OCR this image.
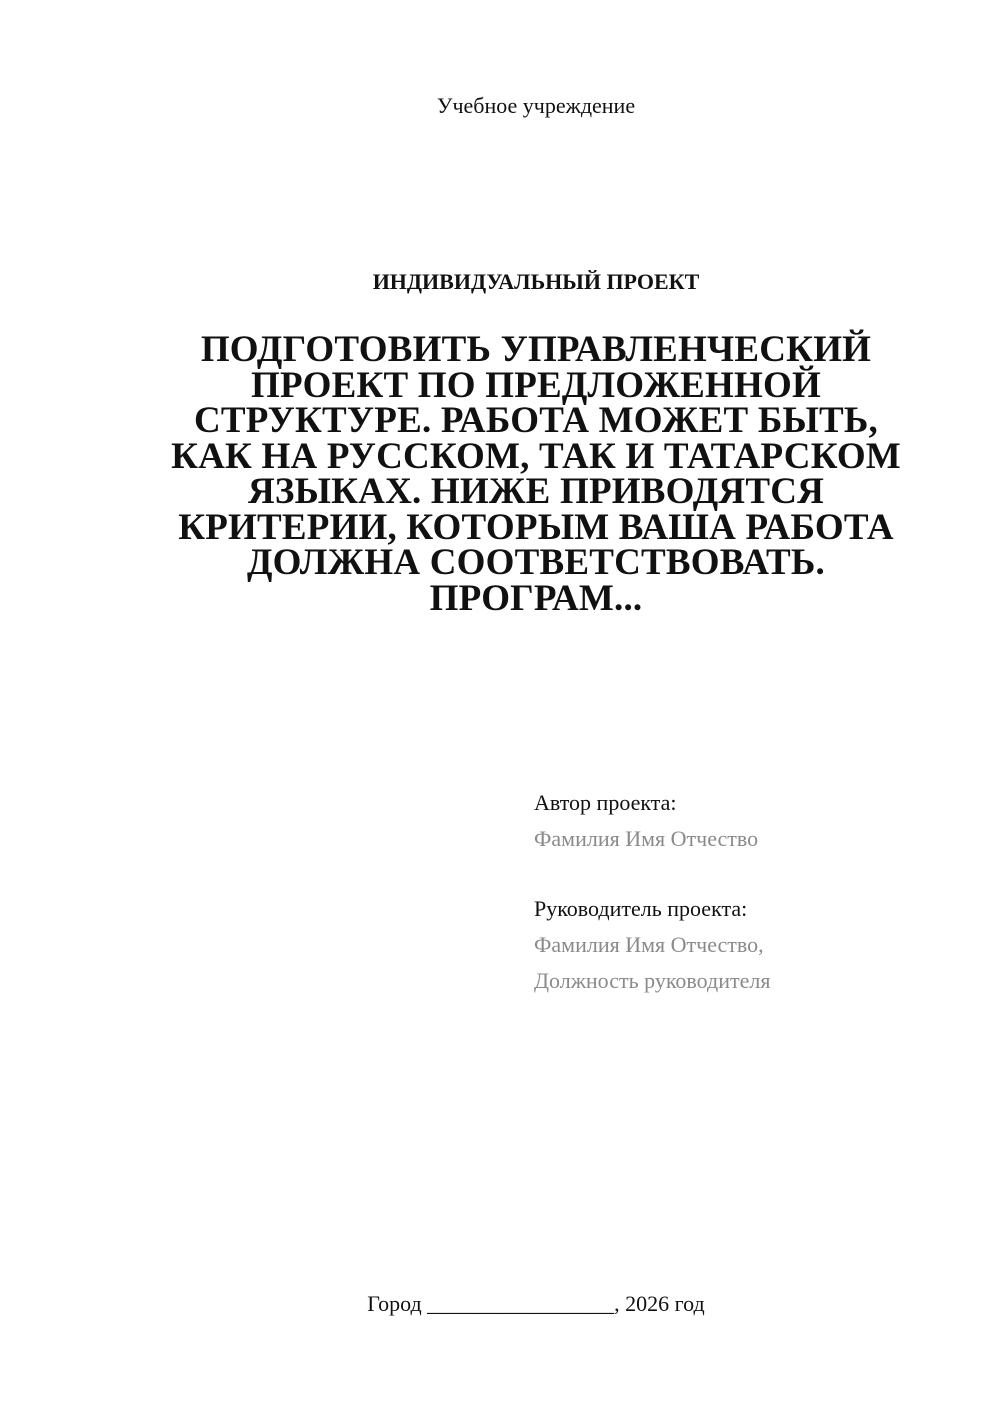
Учебное учреждение
ИНДИВИДУАЛЬНЫЙ ПРОЕКТ
ПОДГОТОВИТЬ УПРАВЛЕНЧЕСКИЙ
ПРОЕКТ ПО ПРЕДЛОЖЕННОЙ
СТРУКТУРЕ. РАБОТА МОЖЕТ БЫТЬ,
КАК НА РУССКОМ, ТАК И ТАТАРСКОМ
ЯЗЫКАХ. НИЖЕ ПРИВОДЯТСЯ
КРИТЕРИИ, КОТОРЫМ ВАША РАБОТА
ДОЛЖНА СООТВЕТСТВОВАТЬ.
ПРОГРАМ...
Автор проекта:
Фамилия Имя Отчество
Руководитель проекта:
Фамилия Имя Отчество,
Должность руководителя
Город _________________, 2026 год
